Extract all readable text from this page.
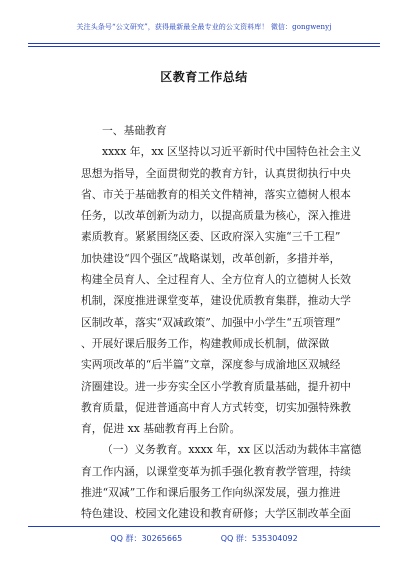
关注头条号“公文研究”，获得最新最全最专业的公文资料库！ 微信：gongwenyj
区教育工作总结
一、基础教育
xxxx 年，xx 区坚持以习近平新时代中国特色社会主义
思想为指导，全面贯彻党的教育方针，认真贯彻执行中央
省、市关于基础教育的相关文件精神，落实立德树人根本
任务，以改革创新为动力，以提高质量为核心，深入推进
素质教育。紧紧围绕区委、区政府深入实施“三千工程”
加快建设“四个强区”战略谋划，改革创新，多措并举，
构建全员育人、全过程育人、全方位育人的立德树人长效
机制，深度推进课堂变革，建设优质教育集群，推动大学
区制改革，落实“双减政策”、加强中小学生“五项管理”
、开展好课后服务工作，构建教师成长机制，做深做
实两项改革的“后半篇”文章，深度参与成渝地区双城经
济圈建设。进一步夯实全区小学教育质量基础，提升初中
教育质量，促进普通高中育人方式转变，切实加强特殊教
育，促进 xx 基础教育再上台阶。
（一）义务教育。xxxx 年，xx 区以活动为载体丰富德
育工作内涵，以课堂变革为抓手强化教育教学管理，持续
推进“双减”工作和课后服务工作向纵深发展，强力推进
特色建设、校园文化建设和教育研修；大学区制改革全面
QQ 群：30265665	QQ 群：535304092
